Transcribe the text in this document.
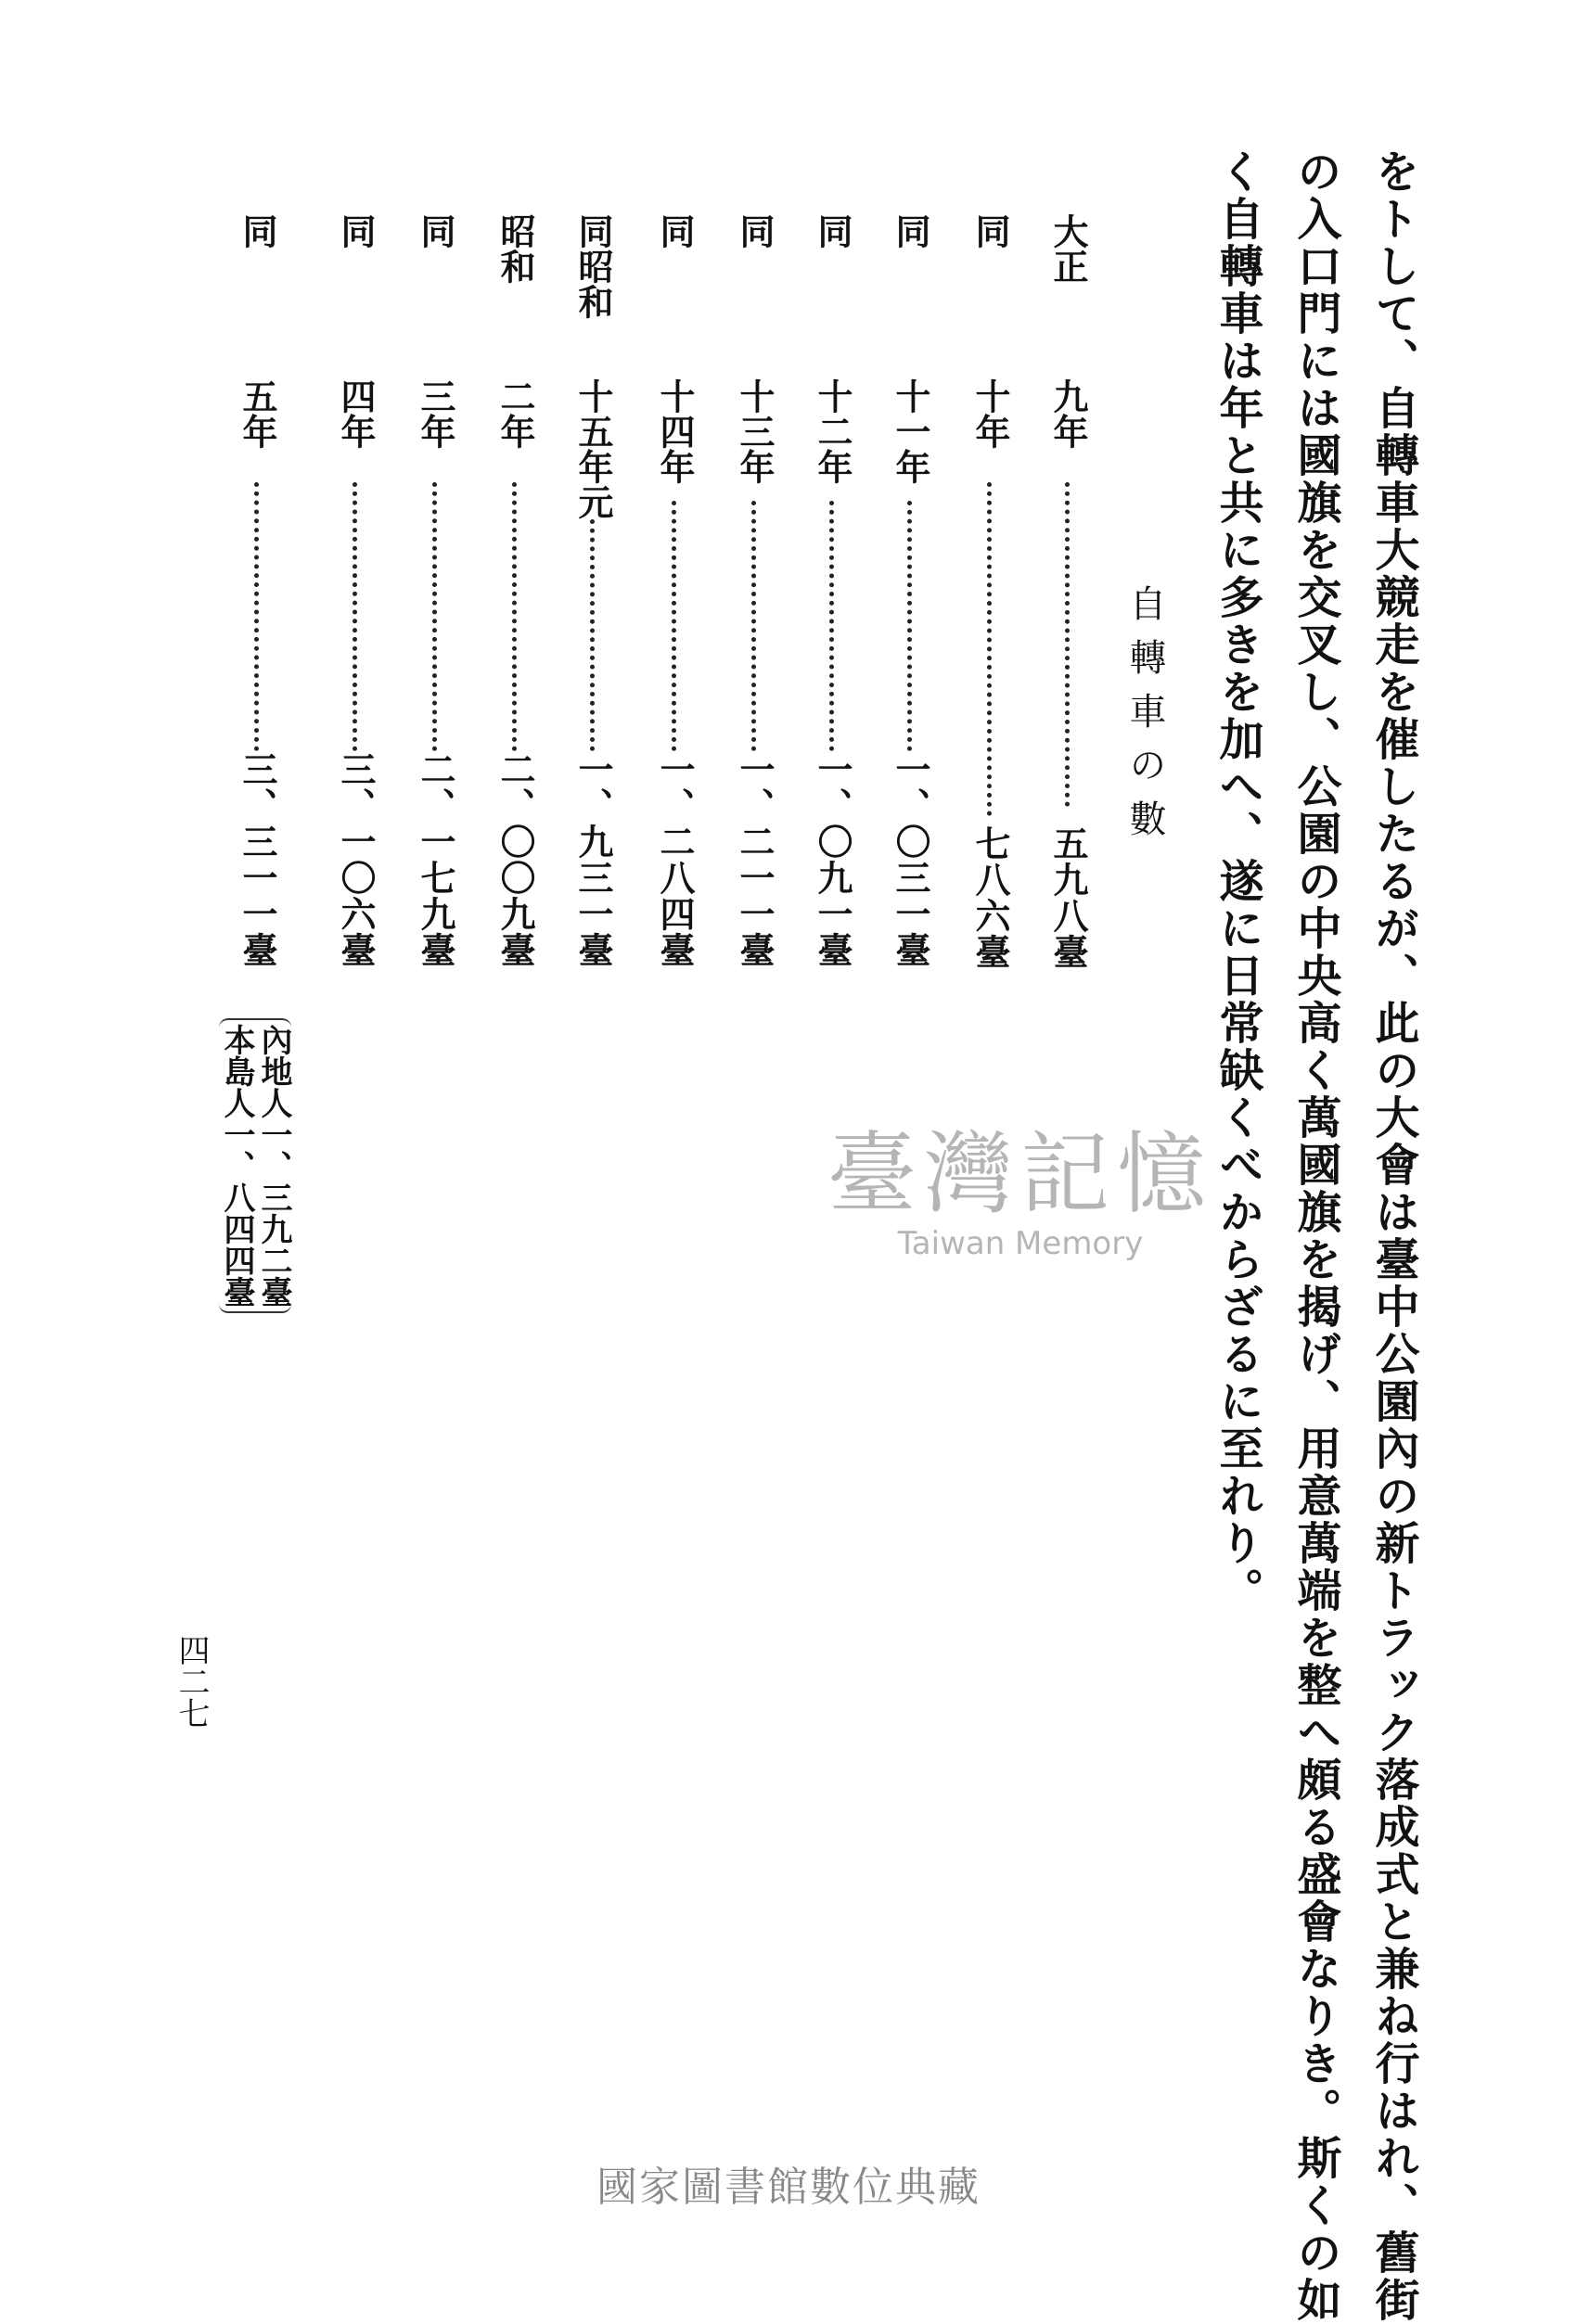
をトして、自轉車大競走を催したるが、此の大會は臺中公園內の新トラック落成式と兼ね行はれ、舊街
の入口門には國旗を交叉し、公園の中央高く萬國旗を揭げ、用意萬端を整へ頗る盛會なりき。斯くの如
く自轉車は年と共に多きを加へ、遂に日常缺くべからざるに至れり。
自轉車の數
大正
九年
五九八臺
同
十年
七八六臺
同
十一年
一、〇三一臺
同
十二年
一、〇九一臺
同
十三年
一、二一一臺
同
十四年
一、二八四臺
同昭和
十五年元
一、九三一臺
昭和
二年
二、〇〇九臺
同
三年
二、一七九臺
同
四年
三、一〇六臺
同
五年
三、三一一臺
內地人一、三九二臺
本島人一、八四四臺	臺灣記憶
Taiwan Memory
四二七
國家圖書館數位典藏
